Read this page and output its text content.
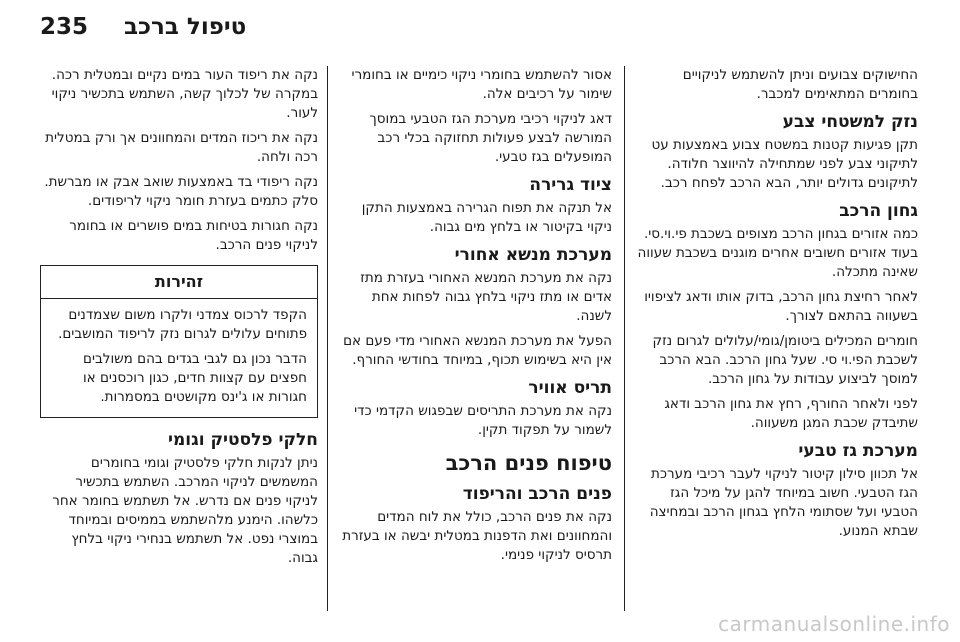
235 טיפול ברכב

החישוקים צבועים וניתן להשתמש לניקויים בחומרים המתאימים למכבר.

נזק למשטחי צבע

תקן פגיעות קטנות במשטח צבוע באמצעות עט לתיקוני צבע לפני שמתחילה להיווצר חלודה. לתיקונים גדולים יותר, הבא הרכב לפחח רכב.

גחון הרכב

כמה אזורים בגחון הרכב מצופים בשכבת פי.וי.סי. בעוד אזורים חשובים אחרים מוגנים בשכבת שעווה שאינה מתכלה.

לאחר רחיצת גחון הרכב, בדוק אותו ודאג לציפויו בשעווה בהתאם לצורך.

חומרים המכילים ביטומן/גומי/עלולים לגרום נזק לשכבת הפי.וי סי. שעל גחון הרכב. הבא הרכב למוסך לביצוע עבודות על גחון הרכב.

לפני ולאחר החורף, רחץ את גחון הרכב ודאג שתיבדק שכבת המגן משעווה.

מערכת גז טבעי

אל תכוון סילון קיטור לניקוי לעבר רכיבי מערכת הגז הטבעי. חשוב במיוחד להגן על מיכל הגז הטבעי ועל שסתומי הלחץ בגחון הרכב ובמחיצה שבתא המנוע.

אסור להשתמש בחומרי ניקוי כימיים או בחומרי שימור על רכיבים אלה.

דאג לניקוי רכיבי מערכת הגז הטבעי במוסך המורשה לבצע פעולות תחזוקה בכלי רכב המופעלים בגז טבעי.

ציוד גרירה

אל תנקה את תפוח הגרירה באמצעות התקן ניקוי בקיטור או בלחץ מים גבוה.

מערכת מנשא אחורי

נקה את מערכת המנשא האחורי בעזרת מתז אדים או מתז ניקוי בלחץ גבוה לפחות אחת לשנה.

הפעל את מערכת המנשא האחורי מדי פעם אם אין היא בשימוש תכוף, במיוחד בחודשי החורף.

תריס אוויר

נקה את מערכת התריסים שבפגוש הקדמי כדי לשמור על תפקוד תקין.

טיפוח פנים הרכב
פנים הרכב והריפוד

נקה את פנים הרכב, כולל את לוח המדים והמחוונים ואת הדפנות במטלית יבשה או בעזרת תרסיס לניקוי פנימי.

נקה את ריפוד העור במים נקיים ובמטלית רכה. במקרה של לכלוך קשה, השתמש בתכשיר ניקוי לעור.

נקה את ריכוז המדים והמחוונים אך ורק במטלית רכה ולחה.

נקה ריפודי בד באמצעות שואב אבק או מברשת. סלק כתמים בעזרת חומר ניקוי לריפודים.

נקה חגורות בטיחות במים פושרים או בחומר לניקוי פנים הרכב.

זהירות

הקפד לרכוס צמדני ולקרו משום שצמדנים פתוחים עלולים לגרום נזק לריפוד המושבים.

הדבר נכון גם לגבי בגדים בהם משולבים חפצים עם קצוות חדים, כגון רוכסנים או חגורות או ג'ינס מקושטים במסמרות.

חלקי פלסטיק וגומי

ניתן לנקות חלקי פלסטיק וגומי בחומרים המשמשים לניקוי המרכב. השתמש בתכשיר לניקוי פנים אם נדרש. אל תשתמש בחומר אחר כלשהו. הימנע מלהשתמש בממיסים ובמיוחד במוצרי נפט. אל תשתמש בנחירי ניקוי בלחץ גבוה.

carmanualsonline.info
